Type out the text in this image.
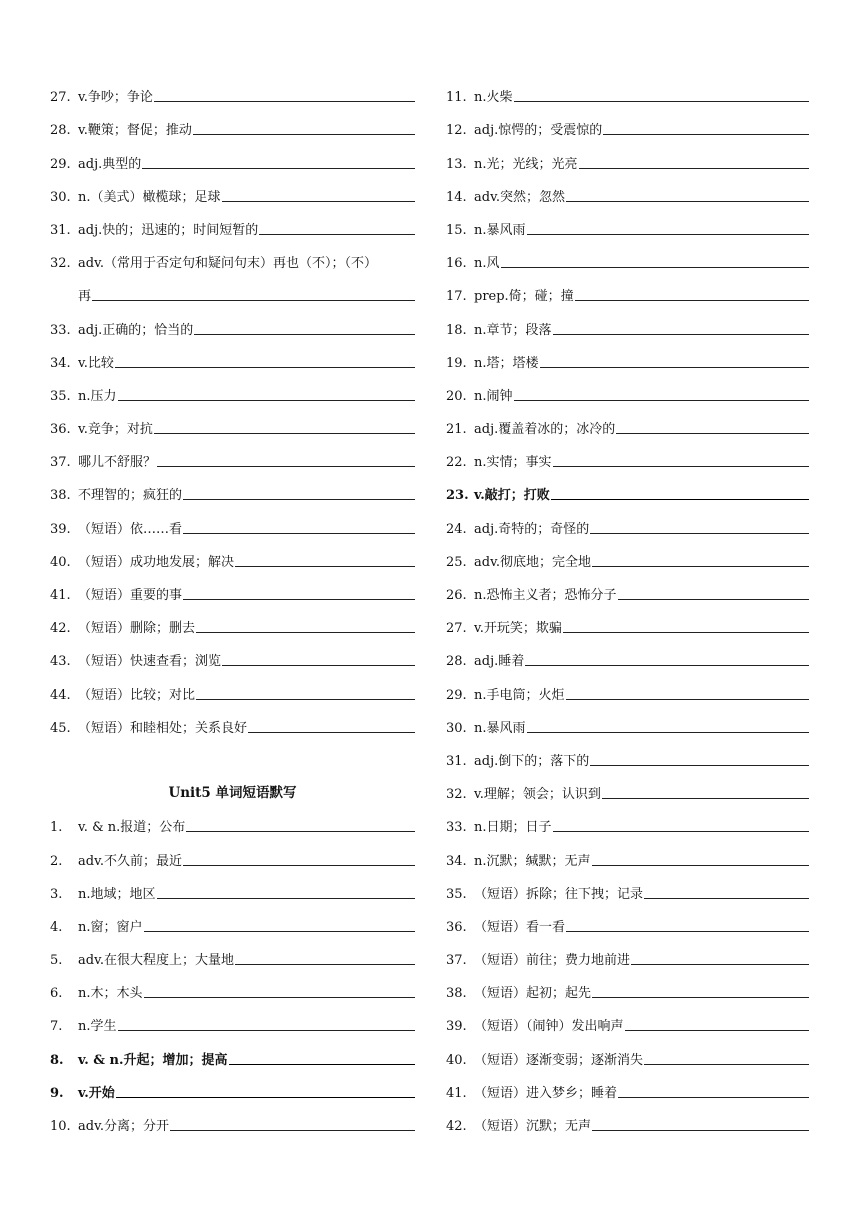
27. v.争吵；争论
28. v.鞭策；督促；推动
29. adj.典型的
30. n.（美式）橄榄球；足球
31. adj.快的；迅速的；时间短暂的
32. adv.（常用于否定句和疑问句末）再也（不）；（不）
再
33. adj.正确的；恰当的
34. v.比较
35. n.压力
36. v.竞争；对抗
37. 哪儿不舒服？
38. 不理智的；疯狂的
39. （短语）依……看
40. （短语）成功地发展；解决
41. （短语）重要的事
42. （短语）删除；删去
43. （短语）快速查看；浏览
44. （短语）比较；对比
45. （短语）和睦相处；关系良好
Unit5 单词短语默写
1.	v. & n.报道；公布
2.	adv.不久前；最近
3.	n.地域；地区
4.	n.窗；窗户
5.	adv.在很大程度上；大量地
6.	n.木；木头
7.	n.学生
8.	v. & n.升起；增加；提高
9.	v.开始
10. adv.分离；分开
11. n.火柴
12. adj.惊愕的；受震惊的
13. n.光；光线；光亮
14. adv.突然；忽然
15. n.暴风雨
16. n.风
17. prep.倚；碰；撞
18. n.章节；段落
19. n.塔；塔楼
20. n.闹钟
21. adj.覆盖着冰的；冰冷的
22. n.实情；事实
23. v.敲打；打败
24. adj.奇特的；奇怪的
25. adv.彻底地；完全地
26. n.恐怖主义者；恐怖分子
27. v.开玩笑；欺骗
28. adj.睡着
29. n.手电筒；火炬
30. n.暴风雨
31. adj.倒下的；落下的
32. v.理解；领会；认识到
33. n.日期；日子
34. n.沉默；缄默；无声
35. （短语）拆除；往下拽；记录
36. （短语）看一看
37. （短语）前往；费力地前进
38. （短语）起初；起先
39. （短语）（闹钟）发出响声
40. （短语）逐渐变弱；逐渐消失
41. （短语）进入梦乡；睡着
42. （短语）沉默；无声
